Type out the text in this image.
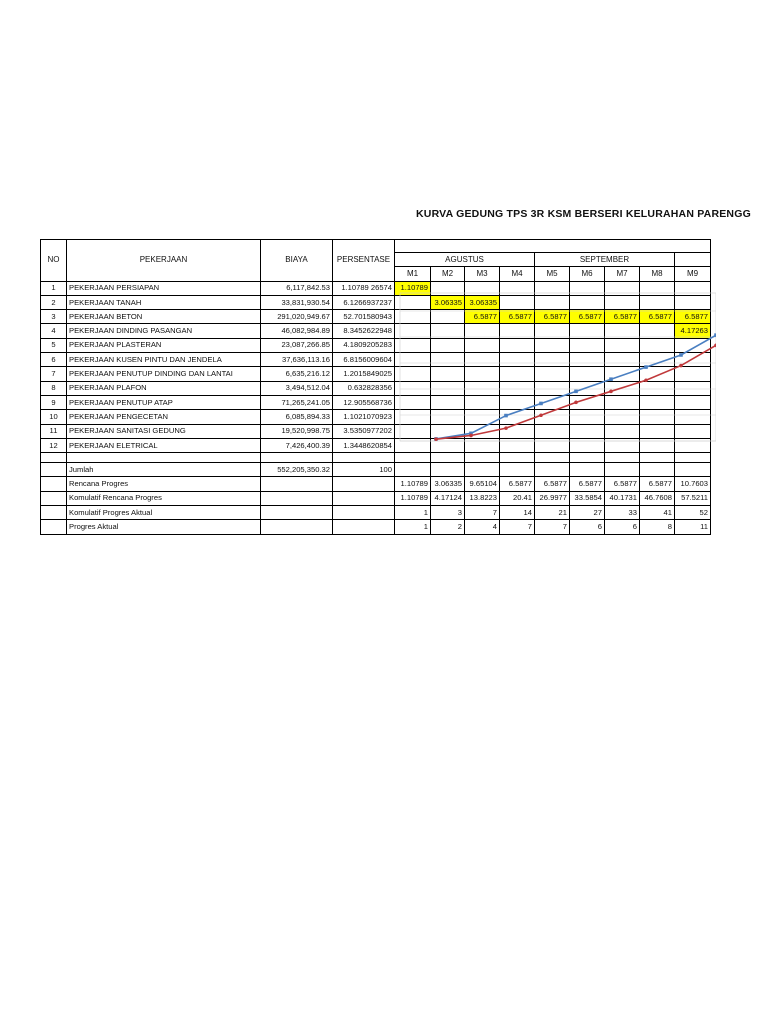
KURVA GEDUNG TPS 3R KSM BERSERI KELURAHAN PARENGG
NO	PEKERJAAN	BIAYA	PERSENTASE									
				AGUSTUS				SEPTEMBER				
				M1	M2	M3	M4	M5	M6	M7	M8	M9
1	PEKERJAAN PERSIAPAN	6,117,842.53	1.10789 26574	1.10789								
2	PEKERJAAN TANAH	33,831,930.54	6.1266937237		3.06335	3.06335						
3	PEKERJAAN BETON	291,020,949.67	52.701580943			6.5877	6.5877	6.5877	6.5877	6.5877	6.5877	6.5877
4	PEKERJAAN DINDING PASANGAN	46,082,984.89	8.3452622948									4.17263
5	PEKERJAAN PLASTERAN	23,087,266.85	4.1809205283									
6	PEKERJAAN KUSEN PINTU DAN JENDELA	37,636,113.16	6.8156009604									
7	PEKERJAAN PENUTUP DINDING DAN LANTAI	6,635,216.12	1.2015849025									
8	PEKERJAAN PLAFON	3,494,512.04	0.632828356									
9	PEKERJAAN PENUTUP ATAP	71,265,241.05	12.905568736									
10	PEKERJAAN PENGECETAN	6,085,894.33	1.1021070923									
11	PEKERJAAN SANITASI GEDUNG	19,520,998.75	3.5350977202									
12	PEKERJAAN ELETRICAL	7,426,400.39	1.3448620854									

	Jumlah	552,205,350.32	100									
	Rencana Progres			1.10789	3.06335	9.65104	6.5877	6.5877	6.5877	6.5877	6.5877	10.7603
	Komulatif Rencana Progres			1.10789	4.17124	13.8223	20.41	26.9977	33.5854	40.1731	46.7608	57.5211
	Komulatif Progres Aktual			1	3	7	14	21	27	33	41	52
	Progres Aktual			1	2	4	7	7	6	6	8	11
